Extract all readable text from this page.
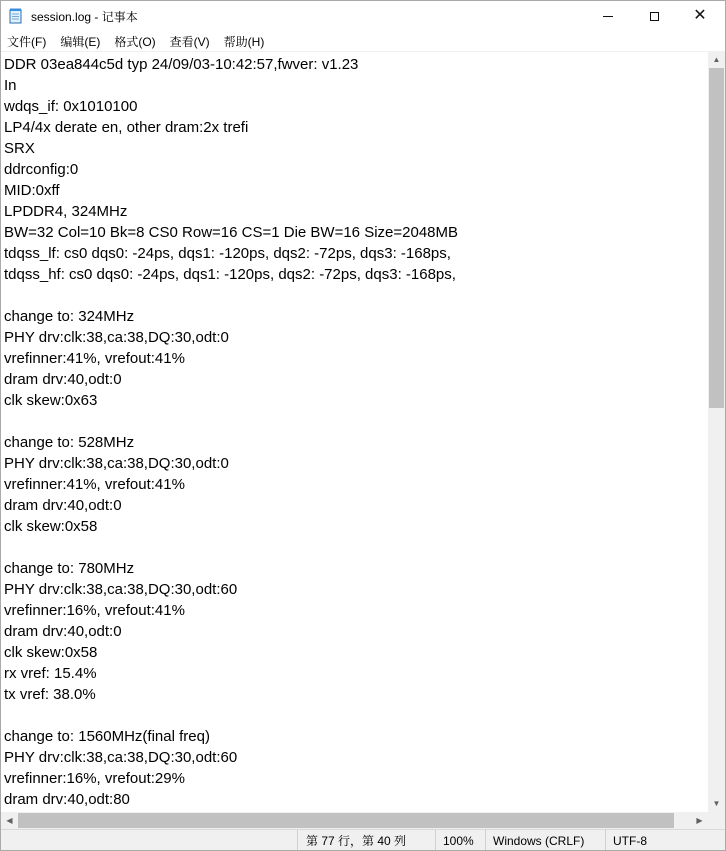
session.log - 记事本	✕
文件(F)	编辑(E)	格式(O)	查看(V)	帮助(H)
DDR 03ea844c5d typ 24/09/03-10:42:57,fwver: v1.23
In
wdqs_if: 0x1010100
LP4/4x derate en, other dram:2x trefi
SRX
ddrconfig:0
MID:0xff
LPDDR4, 324MHz
BW=32 Col=10 Bk=8 CS0 Row=16 CS=1 Die BW=16 Size=2048MB
tdqss_lf: cs0 dqs0: -24ps, dqs1: -120ps, dqs2: -72ps, dqs3: -168ps,
tdqss_hf: cs0 dqs0: -24ps, dqs1: -120ps, dqs2: -72ps, dqs3: -168ps,
change to: 324MHz
PHY drv:clk:38,ca:38,DQ:30,odt:0
vrefinner:41%, vrefout:41%
dram drv:40,odt:0
clk skew:0x63
change to: 528MHz
PHY drv:clk:38,ca:38,DQ:30,odt:0
vrefinner:41%, vrefout:41%
dram drv:40,odt:0
clk skew:0x58
change to: 780MHz
PHY drv:clk:38,ca:38,DQ:30,odt:60
vrefinner:16%, vrefout:41%
dram drv:40,odt:0
clk skew:0x58
rx vref: 15.4%
tx vref: 38.0%
change to: 1560MHz(final freq)
PHY drv:clk:38,ca:38,DQ:30,odt:60
vrefinner:16%, vrefout:29%
dram drv:40,odt:80
▲
▼
◀	▶
第 77 行，第 40 列	100%	Windows (CRLF)	UTF-8
